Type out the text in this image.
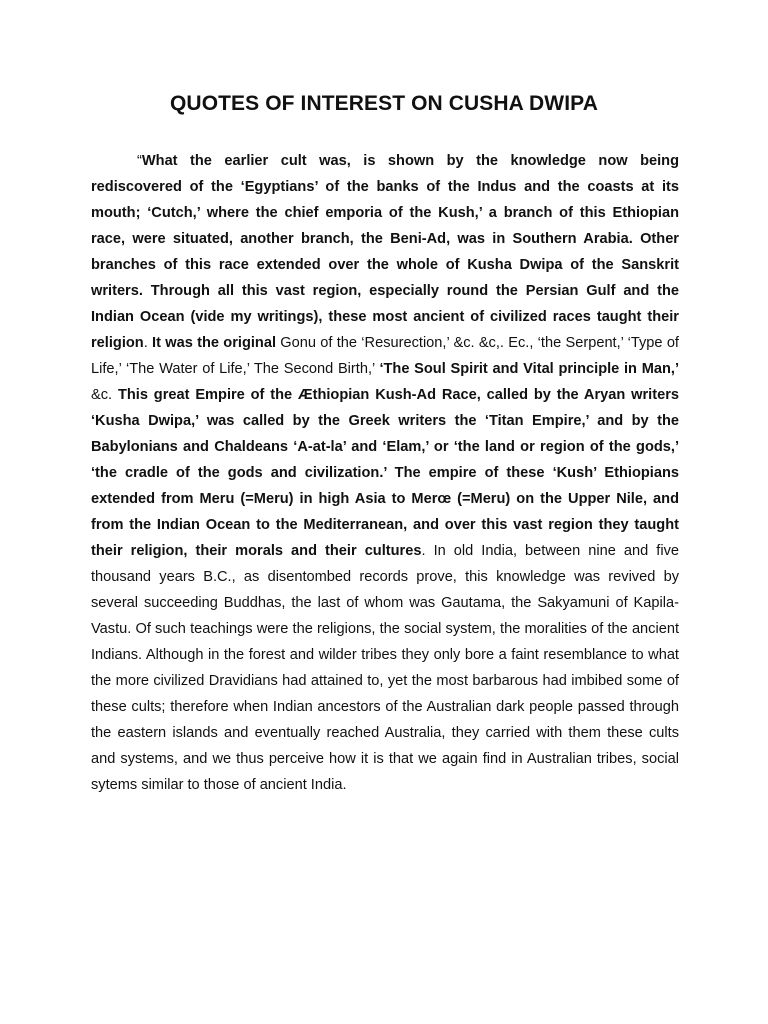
QUOTES OF INTEREST ON CUSHA DWIPA

“What the earlier cult was, is shown by the knowledge now being rediscovered of the ‘Egyptians’ of the banks of the Indus and the coasts at its mouth; ‘Cutch,’ where the chief emporia of the Kush,’ a branch of this Ethiopian race, were situated, another branch, the Beni-Ad, was in Southern Arabia. Other branches of this race extended over the whole of Kusha Dwipa of the Sanskrit writers. Through all this vast region, especially round the Persian Gulf and the Indian Ocean (vide my writings), these most ancient of civilized races taught their religion. It was the original Gonu of the ‘Resurection,’ &c. &c,. Ec., ‘the Serpent,’ ‘Type of Life,’ ‘The Water of Life,’ The Second Birth,’ ‘The Soul Spirit and Vital principle in Man,’ &c. This great Empire of the Æthiopian Kush-Ad Race, called by the Aryan writers ‘Kusha Dwipa,’ was called by the Greek writers the ‘Titan Empire,’ and by the Babylonians and Chaldeans ‘A-at-la’ and ‘Elam,’ or ‘the land or region of the gods,’ ‘the cradle of the gods and civilization.’ The empire of these ‘Kush’ Ethiopians extended from Meru (=Meru) in high Asia to Merœ (=Meru) on the Upper Nile, and from the Indian Ocean to the Mediterranean, and over this vast region they taught their religion, their morals and their cultures. In old India, between nine and five thousand years B.C., as disentombed records prove, this knowledge was revived by several succeeding Buddhas, the last of whom was Gautama, the Sakyamuni of Kapila-Vastu. Of such teachings were the religions, the social system, the moralities of the ancient Indians. Although in the forest and wilder tribes they only bore a faint resemblance to what the more civilized Dravidians had attained to, yet the most barbarous had imbibed some of these cults; therefore when Indian ancestors of the Australian dark people passed through the eastern islands and eventually reached Australia, they carried with them these cults and systems, and we thus perceive how it is that we again find in Australian tribes, social sytems similar to those of ancient India.
